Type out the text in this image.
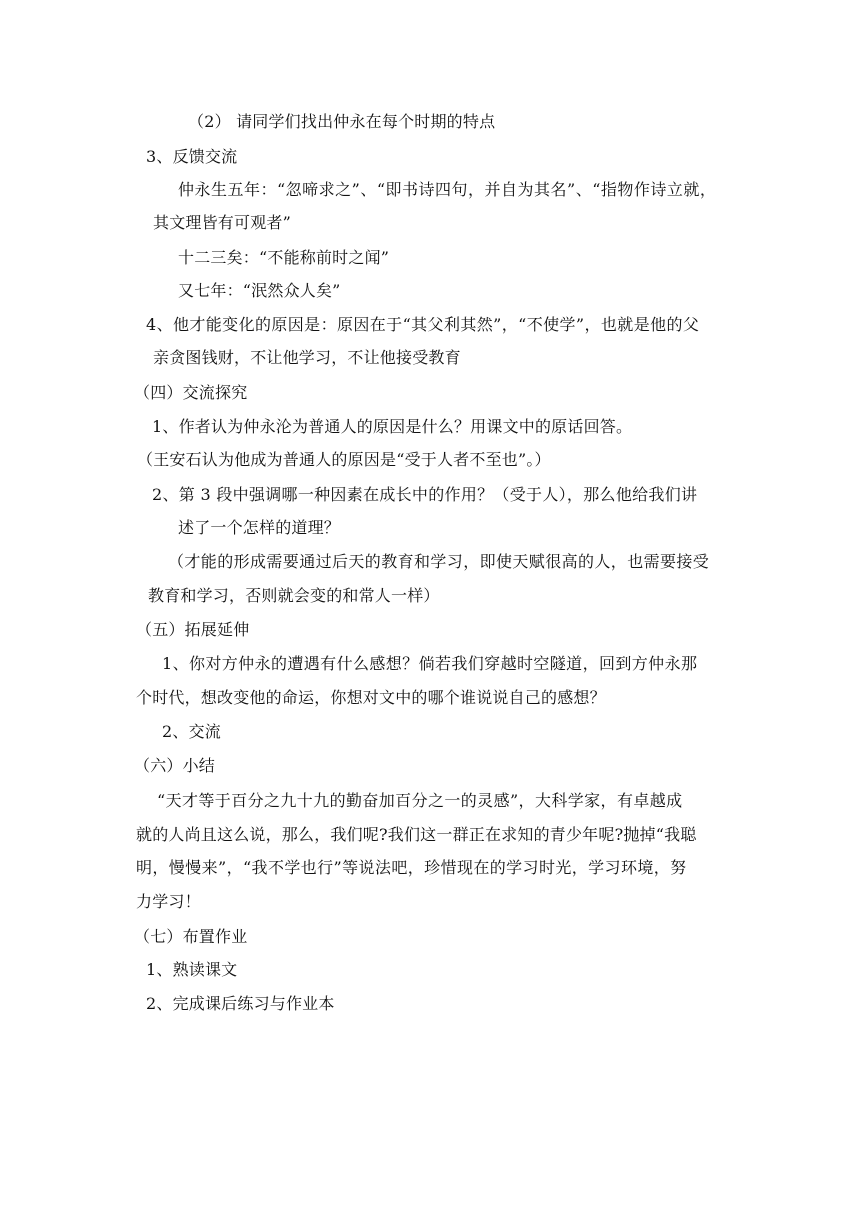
（2） 请同学们找出仲永在每个时期的特点
3、反馈交流
仲永生五年：“忽啼求之”、“即书诗四句，并自为其名”、“指物作诗立就，
其文理皆有可观者”
十二三矣：“不能称前时之闻”
又七年：“泯然众人矣”
4、他才能变化的原因是：原因在于“其父利其然”，“不使学”，也就是他的父
亲贪图钱财，不让他学习，不让他接受教育
（四）交流探究
1、作者认为仲永沦为普通人的原因是什么？用课文中的原话回答。
（王安石认为他成为普通人的原因是“受于人者不至也”。）
2、第 3 段中强调哪一种因素在成长中的作用？（受于人），那么他给我们讲
述了一个怎样的道理？
（才能的形成需要通过后天的教育和学习，即使天赋很高的人，也需要接受
教育和学习，否则就会变的和常人一样）
（五）拓展延伸
1、你对方仲永的遭遇有什么感想？倘若我们穿越时空隧道，回到方仲永那
个时代，想改变他的命运，你想对文中的哪个谁说说自己的感想？
2、交流
（六）小结
“天才等于百分之九十九的勤奋加百分之一的灵感”，大科学家，有卓越成
就的人尚且这么说，那么，我们呢?我们这一群正在求知的青少年呢?抛掉“我聪
明，慢慢来”，“我不学也行”等说法吧，珍惜现在的学习时光，学习环境，努
力学习！
（七）布置作业
1、熟读课文
2、完成课后练习与作业本
